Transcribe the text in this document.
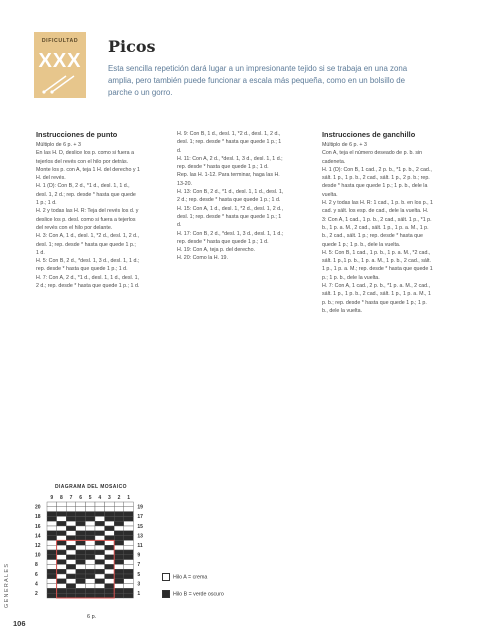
DIFICULTAD
XXX
Picos
Esta sencilla repetición dará lugar a un impresionante tejido si se trabaja en una zona amplia, pero también puede funcionar a escala más pequeña, como en un bolsillo de parche o un gorro.
Instrucciones de punto

Múltiplo de 6 p. + 3

En las H. D, deslice los p. como si fuera a tejerlos del revés con el hilo por detrás.

Monte los p. con A, teja 1 H. del derecho y 1 H. del revés.

H. 1 (D): Con B, 2 d., *1 d., desl. 1, 1 d., desl. 1, 2 d.; rep. desde * hasta que quede 1 p.; 1 d.

H. 2 y todas las H. R: Teja del revés los d. y deslice los p. desl. como si fuera a tejerlos del revés con el hilo por delante.

H. 3: Con A, 1 d., desl. 1, *2 d., desl. 1, 2 d., desl. 1; rep. desde * hasta que quede 1 p.; 1 d.

H. 5: Con B, 2 d., *desl. 1, 3 d., desl. 1, 1 d.; rep. desde * hasta que quede 1 p.; 1 d.

H. 7: Con A, 2 d., *1 d., desl. 1, 1 d., desl. 1, 2 d.; rep. desde * hasta que quede 1 p.; 1 d.

H. 9: Con B, 1 d., desl. 1, *2 d., desl. 1, 2 d., desl. 1; rep. desde * hasta que quede 1 p.; 1 d.

H. 11: Con A, 2 d., *desl. 1, 3 d., desl. 1, 1 d.; rep. desde * hasta que quede 1 p.; 1 d.

Rep. las H. 1-12. Para terminar, haga las H. 13-20.

H. 13: Con B, 2 d., *1 d., desl. 1, 1 d., desl. 1, 2 d.; rep. desde * hasta que quede 1 p.; 1 d.

H. 15: Con A, 1 d., desl. 1, *2 d., desl. 1, 2 d., desl. 1; rep. desde * hasta que quede 1 p.; 1 d.

H. 17: Con B, 2 d., *desl. 1, 3 d., desl. 1, 1 d.; rep. desde * hasta que quede 1 p.; 1 d.

H. 19: Con A, teja p. del derecho.

H. 20: Como la H. 19.

Instrucciones de ganchillo

Múltiplo de 6 p. + 3

Con A, teja el número deseado de p. b. sin cadeneta.

H. 1 (D): Con B, 1 cad., 2 p. b., *1 p. b., 2 cad., sált. 1 p., 1 p. b., 2 cad., sált. 1 p., 2 p. b.; rep. desde * hasta que quede 1 p.; 1 p. b., dele la vuelta.

H. 2 y todas las H. R: 1 cad., 1 p. b. en los p., 1 cad. y sált. los esp. de cad., dele la vuelta. H. 3: Con A, 1 cad., 1 p. b., 2 cad., sált. 1 p., *1 p. b., 1 p. a. M., 2 cad., sált. 1 p., 1 p. a. M., 1 p. b., 2 cad., sált. 1 p.; rep. desde * hasta que quede 1 p.; 1 p. b., dele la vuelta.

H. 5: Con B, 1 cad., 1 p. b., 1 p. a. M., *2 cad., sált. 1 p.,1 p. b., 1 p. a. M., 1 p. b., 2 cad., sált. 1 p., 1 p. a. M.; rep. desde * hasta que quede 1 p.; 1 p. b., dele la vuelta.

H. 7: Con A, 1 cad., 2 p. b., *1 p. a. M., 2 cad., sált. 1 p., 1 p. b., 2 cad., sált. 1 p., 1 p. a. M., 1 p. b.; rep. desde * hasta que quede 1 p.; 1 p. b., dele la vuelta.

DIAGRAMA DEL MOSAICO
9 8 7 6 5 4 3 2 1
20
18
16
14
12
10
8
6
4
2
19
17
15
13
11
9
7
5
3
1
Hilo A = crema
Hilo B = verde oscuro
6 p.
GENERALES
106
